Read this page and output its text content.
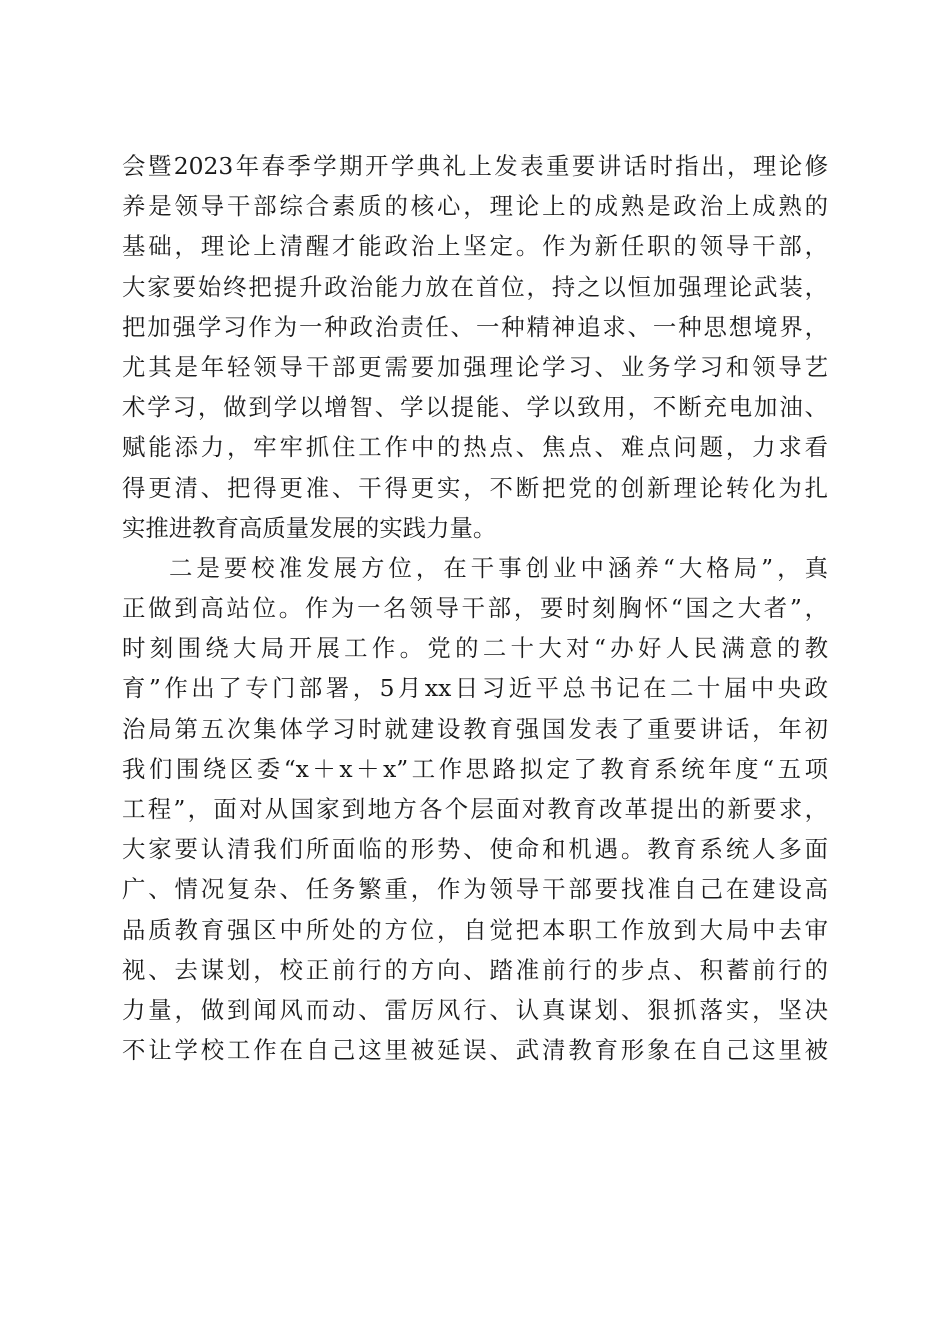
会暨2023年春季学期开学典礼上发表重要讲话时指出，理论修
养是领导干部综合素质的核心，理论上的成熟是政治上成熟的
基础，理论上清醒才能政治上坚定。作为新任职的领导干部，
大家要始终把提升政治能力放在首位，持之以恒加强理论武装，
把加强学习作为一种政治责任、一种精神追求、一种思想境界，
尤其是年轻领导干部更需要加强理论学习、业务学习和领导艺
术学习，做到学以增智、学以提能、学以致用，不断充电加油、
赋能添力，牢牢抓住工作中的热点、焦点、难点问题，力求看
得更清、把得更准、干得更实，不断把党的创新理论转化为扎
实推进教育高质量发展的实践力量。
二是要校准发展方位，在干事创业中涵养“大格局”，真
正做到高站位。作为一名领导干部，要时刻胸怀“国之大者”，
时刻围绕大局开展工作。党的二十大对“办好人民满意的教
育”作出了专门部署，5月xx日习近平总书记在二十届中央政
治局第五次集体学习时就建设教育强国发表了重要讲话，年初
我们围绕区委“x＋x＋x”工作思路拟定了教育系统年度“五项
工程”，面对从国家到地方各个层面对教育改革提出的新要求，
大家要认清我们所面临的形势、使命和机遇。教育系统人多面
广、情况复杂、任务繁重，作为领导干部要找准自己在建设高
品质教育强区中所处的方位，自觉把本职工作放到大局中去审
视、去谋划，校正前行的方向、踏准前行的步点、积蓄前行的
力量，做到闻风而动、雷厉风行、认真谋划、狠抓落实，坚决
不让学校工作在自己这里被延误、武清教育形象在自己这里被
